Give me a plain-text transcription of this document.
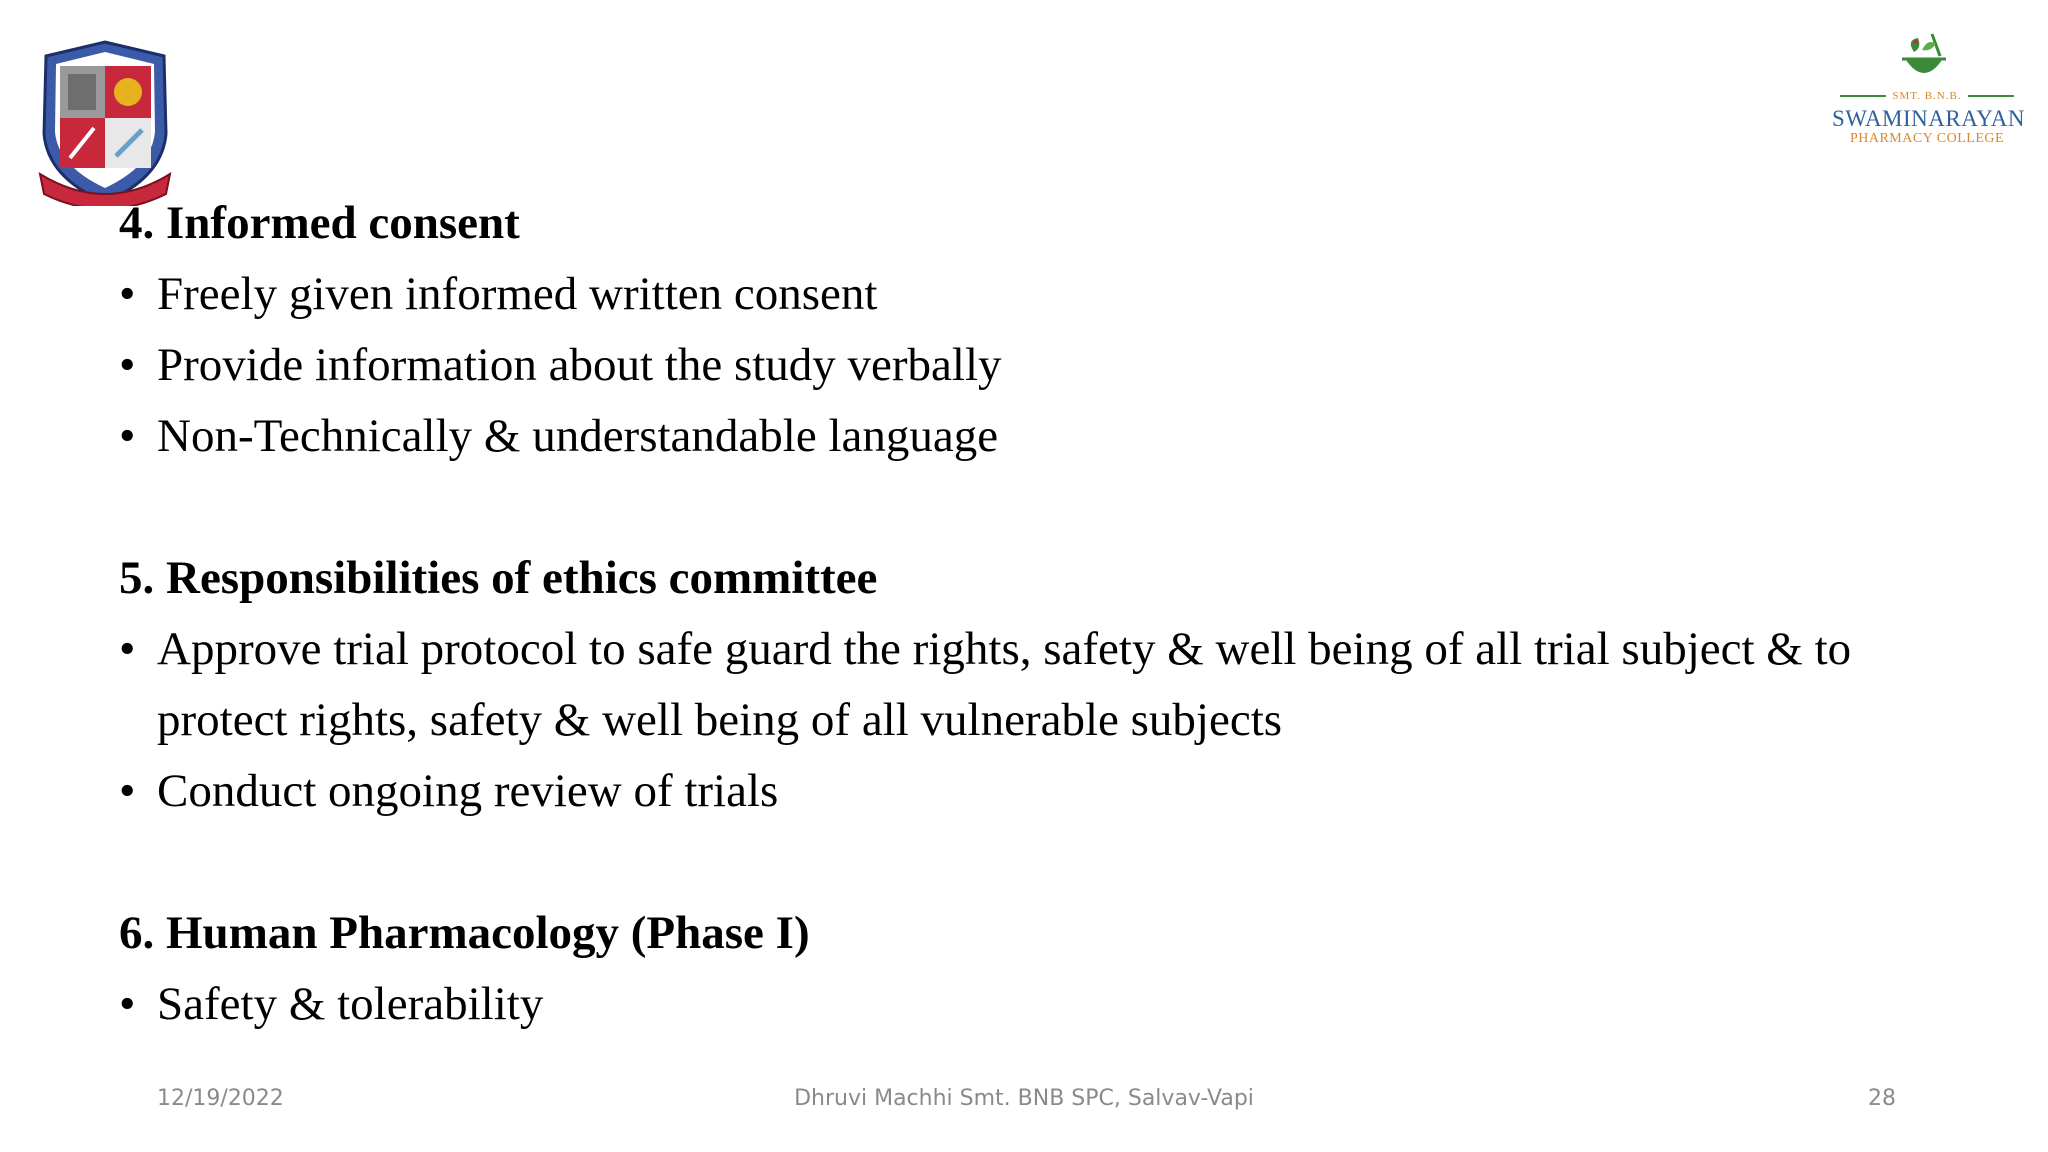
SMT. B.N.B.
SWAMINARAYAN
PHARMACY COLLEGE

4. Informed consent

• Freely given informed written consent
• Provide information about the study verbally
• Non-Technically & understandable language

5. Responsibilities of ethics committee

• Approve trial protocol to safe guard the rights, safety & well being of all trial subject & to protect rights, safety & well being of all vulnerable subjects
• Conduct ongoing review of trials

6. Human Pharmacology (Phase I)

• Safety & tolerability
12/19/2022	Dhruvi Machhi Smt. BNB SPC, Salvav-Vapi	28
